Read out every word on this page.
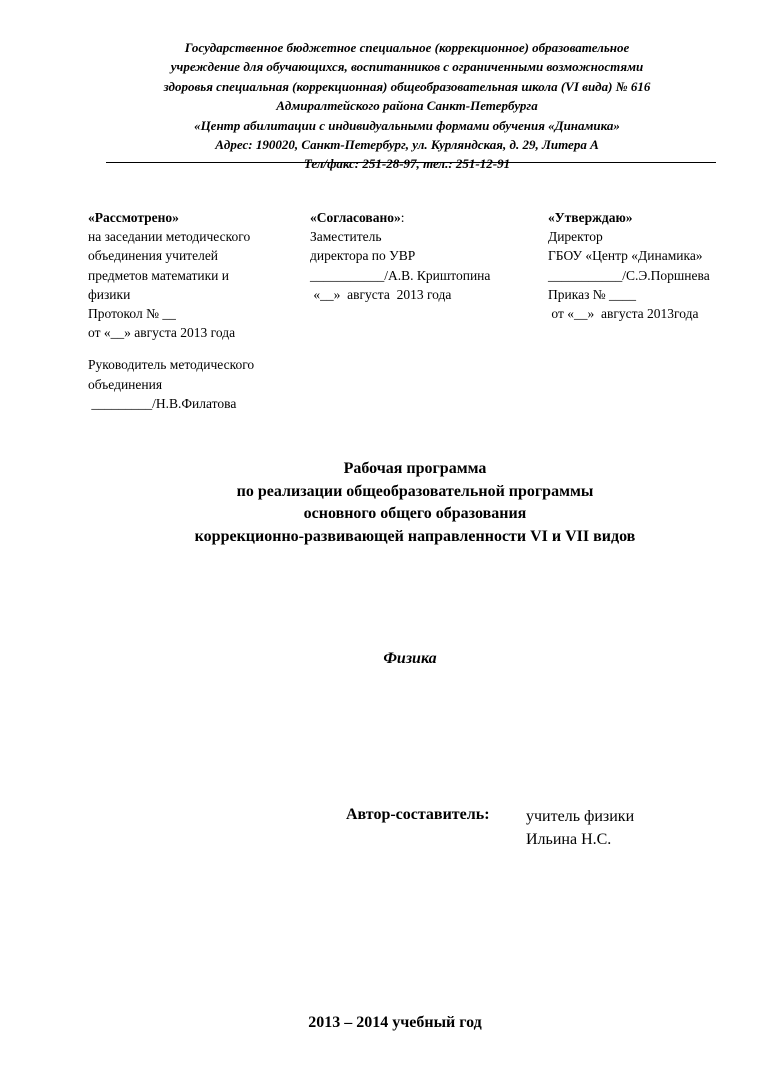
Государственное бюджетное специальное (коррекционное) образовательное
учреждение для обучающихся, воспитанников с ограниченными возможностями
здоровья специальная (коррекционная) общеобразовательная школа (VI вида) № 616
Адмиралтейского района Санкт-Петербурга
«Центр абилитации с индивидуальными формами обучения «Динамика»
Адрес: 190020, Санкт-Петербург, ул. Курляндская, д. 29, Литера А
Тел/факс: 251-28-97, тел.: 251-12-91
«Рассмотрено»
на заседании методического
объединения учителей
предметов математики и
физики
Протокол № __
от «__» августа 2013 года
Руководитель методического
объединения
_________/Н.В.Филатова
«Согласовано»:
Заместитель
директора по УВР
___________/А.В. Криштопина
«__»  августа  2013 года
«Утверждаю»
Директор
ГБОУ «Центр «Динамика»
___________/С.Э.Поршнева
Приказ № ____
от «__»  августа 2013года
Рабочая программа
по реализации общеобразовательной программы
основного общего образования
коррекционно-развивающей направленности VI и VII видов
Физика
Автор-составитель: учитель физики
Ильина Н.С.
2013 – 2014 учебный год
